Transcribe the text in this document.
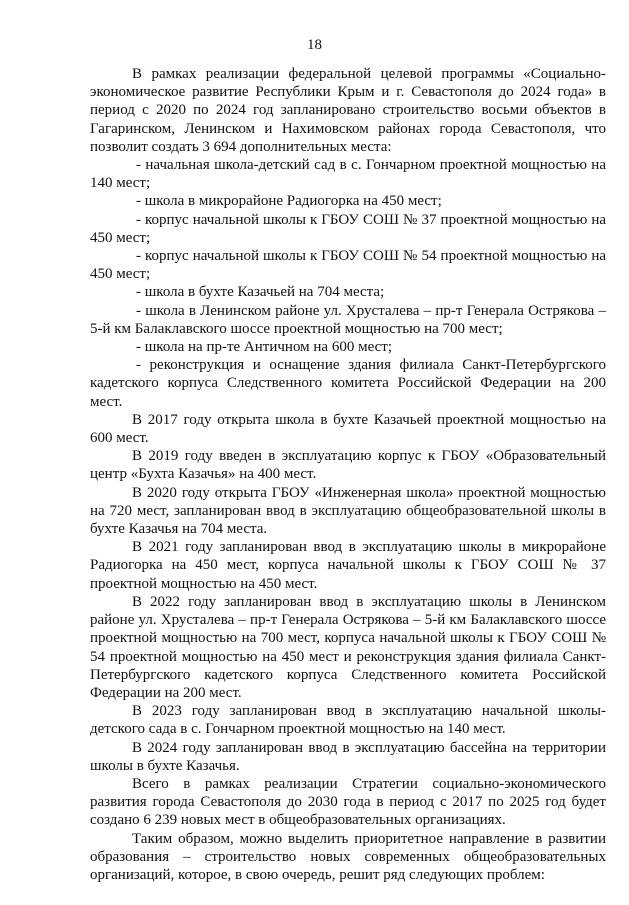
18

В рамках реализации федеральной целевой программы «Социально-экономическое развитие Республики Крым и г. Севастополя до 2024 года» в период с 2020 по 2024 год запланировано строительство восьми объектов в Гагаринском, Ленинском и Нахимовском районах города Севастополя, что позволит создать 3 694 дополнительных места:

- начальная школа-детский сад в с. Гончарном проектной мощностью на 140 мест;

- школа в микрорайоне Радиогорка на 450 мест;

- корпус начальной школы к ГБОУ СОШ № 37 проектной мощностью на 450 мест;

- корпус начальной школы к ГБОУ СОШ № 54 проектной мощностью на 450 мест;

- школа в бухте Казачьей на 704 места;

- школа в Ленинском районе ул. Хрусталева – пр-т Генерала Острякова – 5-й км Балаклавского шоссе проектной мощностью на 700 мест;

- школа на пр-те Античном на 600 мест;

- реконструкция и оснащение здания филиала Санкт-Петербургского кадетского корпуса Следственного комитета Российской Федерации на 200 мест.

В 2017 году открыта школа в бухте Казачьей проектной мощностью на 600 мест.

В 2019 году введен в эксплуатацию корпус к ГБОУ «Образовательный центр «Бухта Казачья» на 400 мест.

В 2020 году открыта ГБОУ «Инженерная школа» проектной мощностью на 720 мест, запланирован ввод в эксплуатацию общеобразовательной школы в бухте Казачья на 704 места.

В 2021 году запланирован ввод в эксплуатацию школы в микрорайоне Радиогорка на 450 мест, корпуса начальной школы к ГБОУ СОШ № 37 проектной мощностью на 450 мест.

В 2022 году запланирован ввод в эксплуатацию школы в Ленинском районе ул. Хрусталева – пр-т Генерала Острякова – 5-й км Балаклавского шоссе проектной мощностью на 700 мест, корпуса начальной школы к ГБОУ СОШ № 54 проектной мощностью на 450 мест и реконструкция здания филиала Санкт-Петербургского кадетского корпуса Следственного комитета Российской Федерации на 200 мест.

В 2023 году запланирован ввод в эксплуатацию начальной школы-детского сада в с. Гончарном проектной мощностью на 140 мест.

В 2024 году запланирован ввод в эксплуатацию бассейна на территории школы в бухте Казачья.

Всего в рамках реализации Стратегии социально-экономического развития города Севастополя до 2030 года в период с 2017 по 2025 год будет создано 6 239 новых мест в общеобразовательных организациях.

Таким образом, можно выделить приоритетное направление в развитии образования – строительство новых современных общеобразовательных организаций, которое, в свою очередь, решит ряд следующих проблем:
